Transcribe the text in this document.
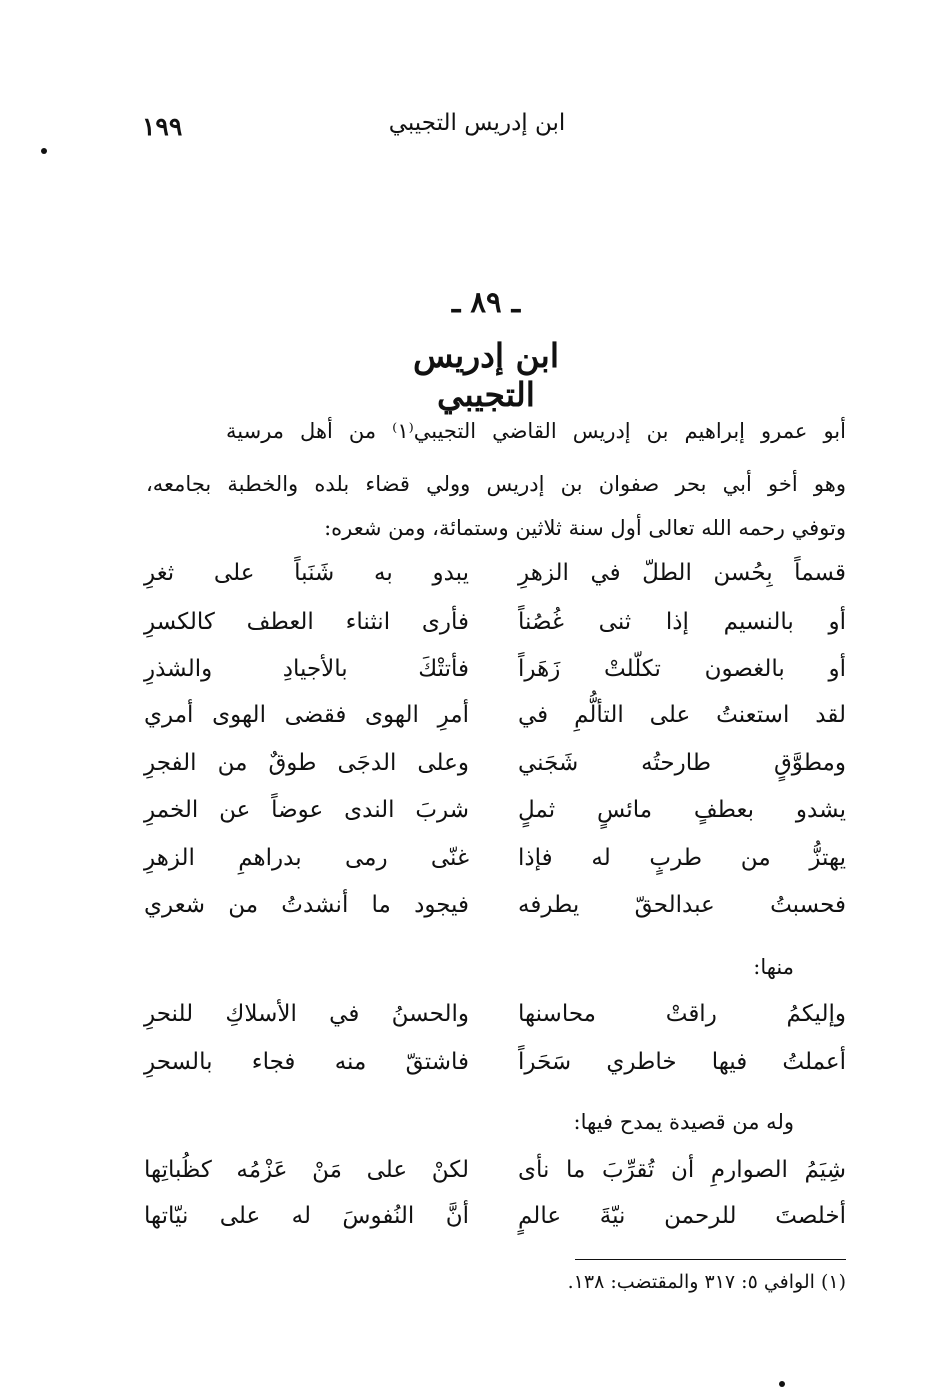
ابن إدريس التجيبي
١٩٩
ـ ٨٩ ـ
ابن إدريس التجيبي
أبو عمرو إبراهيم بن إدريس القاضي التجيبي⁽١⁾ من أهل مرسية
وهو أخو أبي بحر صفوان بن إدريس وولي قضاء بلده والخطبة بجامعه،
وتوفي رحمه الله تعالى أول سنة ثلاثين وستمائة، ومن شعره:
قسماً بِحُسن الطلّ في الزهرِ
يبدو به شَنَباً على ثغرِ
أو بالنسيم إذا ثنى غُصُناً
فأرى انثناء العطف كالكسرِ
أو بالغصون تكلّلتْ زَهَراً
فأتتْكَ بالأجيادِ والشذرِ
لقد استعنتُ على التألُّمِ في
أمرِ الهوى فقضى الهوى أمري
ومطوَّقٍ طارحتُه شَجَني
وعلى الدجَى طوقٌ من الفجرِ
يشدو بعطفٍ مائسٍ ثملٍ
شربَ الندى عوضاً عن الخمرِ
يهتزُّ من طربٍ له فإذا
غنّى رمى بدراهمِ الزهرِ
فحسبتُ عبدالحقّ يطرفه
فيجود ما أنشدتُ من شعري
منها:
وإليكمُ راقتْ محاسنها
والحسنُ في الأسلاكِ للنحرِ
أعملتُ فيها خاطري سَحَراً
فاشتقّ منه فجاء بالسحرِ
وله من قصيدة يمدح فيها:
شِيَمُ الصوارمِ أن تُقرِّبَ ما نأى
لكنْ على مَنْ عَزْمُه كظُباتِها
أخلصتَ للرحمن نيّةَ عالمٍ
أنَّ النُفوسَ له على نيّاتها
(١) الوافي ٥: ٣١٧ والمقتضب: ١٣٨.
